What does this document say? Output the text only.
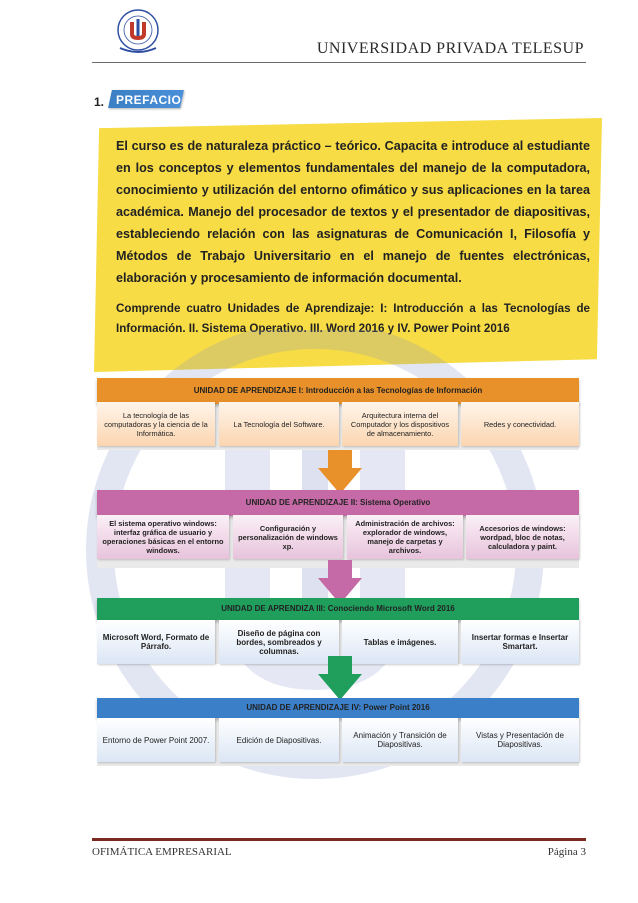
UNIVERSIDAD PRIVADA TELESUP
1. PREFACIO
El curso es de naturaleza práctico – teórico. Capacita e introduce al estudiante en los conceptos y elementos fundamentales del manejo de la computadora, conocimiento y utilización del entorno ofimático y sus aplicaciones en la tarea académica. Manejo del procesador de textos y el presentador de diapositivas, estableciendo relación con las asignaturas de Comunicación I, Filosofía y Métodos de Trabajo Universitario en el manejo de fuentes electrónicas, elaboración y procesamiento de información documental.
Comprende cuatro Unidades de Aprendizaje: I: Introducción a las Tecnologías de Información. II. Sistema Operativo. III. Word 2016 y IV. Power Point 2016
UNIDAD DE APRENDIZAJE I: Introducción a las Tecnologías de Información
La tecnología de las computadoras y la ciencia de la Informática.
La Tecnología del Software.
Arquitectura interna del Computador y los dispositivos de almacenamiento.
Redes y conectividad.
UNIDAD DE APRENDIZAJE II: Sistema Operativo
El sistema operativo windows: interfaz gráfica de usuario y operaciones básicas en el entorno windows.
Configuración y personalización de windows xp.
Administración de archivos: explorador de windows, manejo de carpetas y archivos.
Accesorios de windows: wordpad, bloc de notas, calculadora y paint.
UNIDAD DE APRENDIZA III: Conociendo Microsoft Word 2016
Microsoft Word, Formato de Párrafo.
Diseño de página con bordes, sombreados y columnas.
Tablas e imágenes.	Insertar formas e Insertar Smartart.
UNIDAD DE APRENDIZAJE IV: Power Point 2016
Entorno de Power Point 2007.	Edición de Diapositivas.	Animación y Transición de Diapositivas.
Vistas y Presentación de Diapositivas.
OFIMÁTICA EMPRESARIAL	Página 3
